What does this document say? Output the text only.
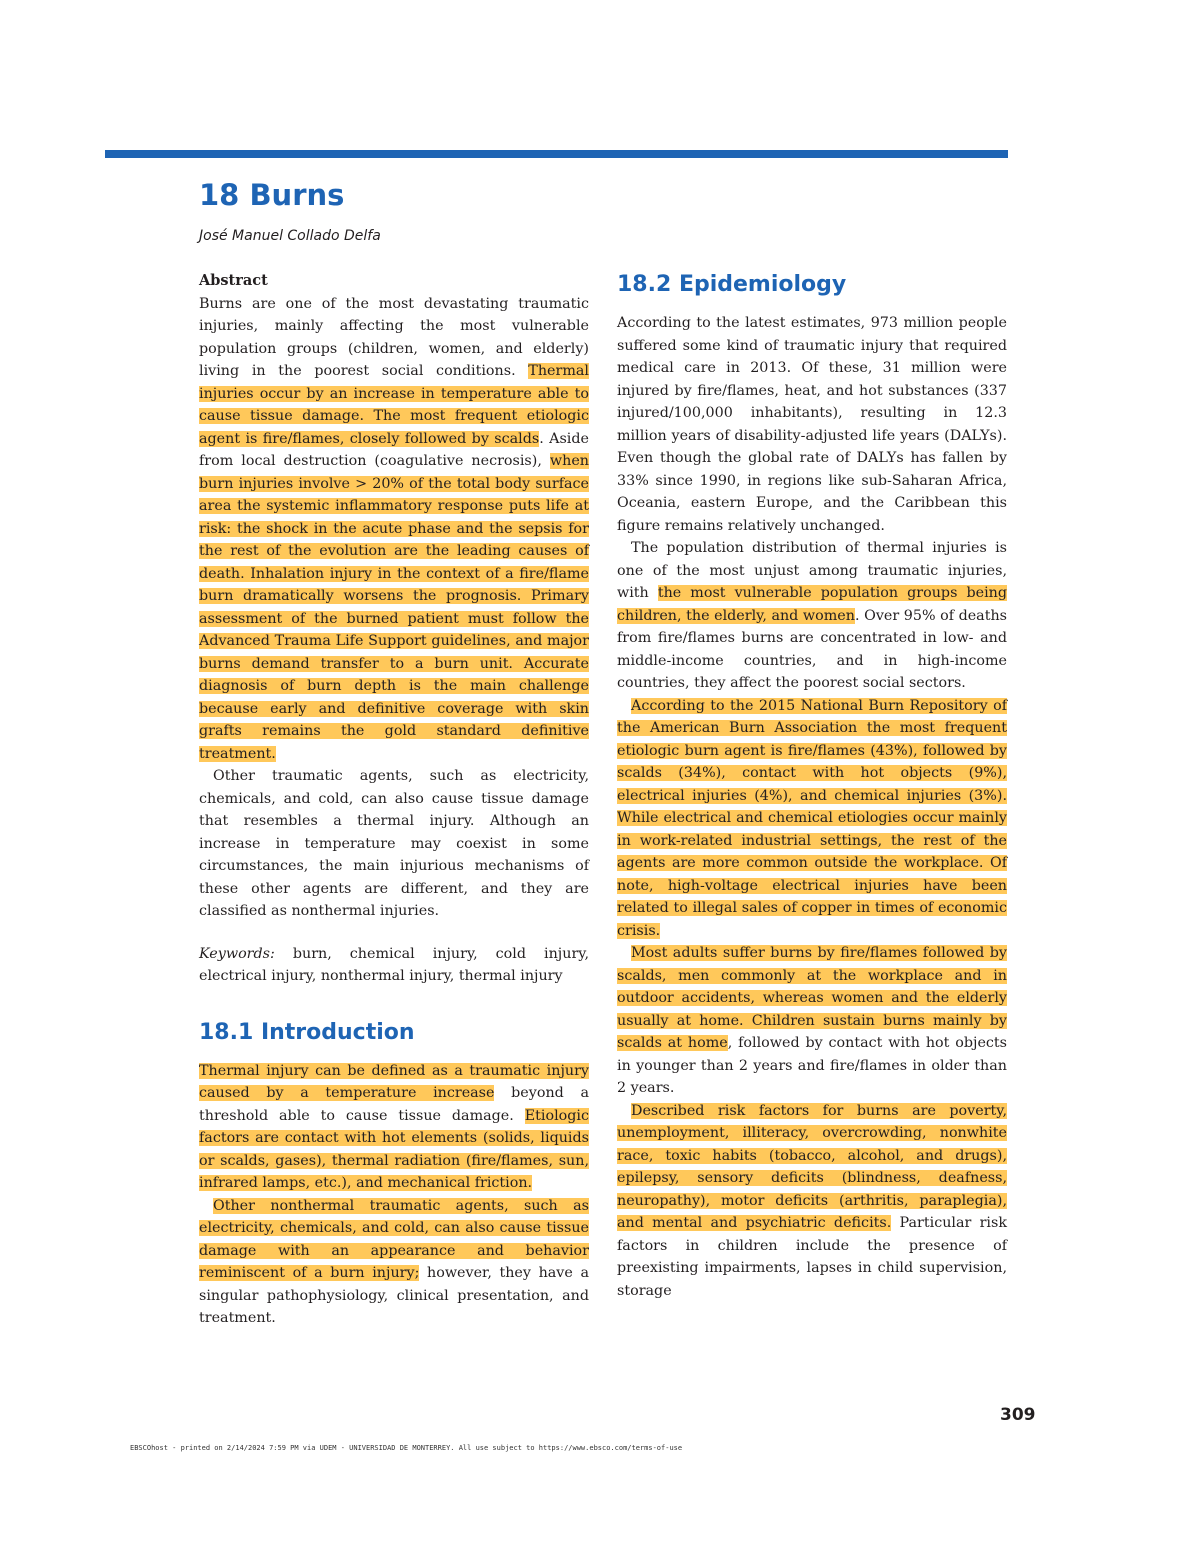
18 Burns
José Manuel Collado Delfa
Abstract

Burns are one of the most devastating traumatic injuries, mainly affecting the most vulnerable population groups (children, women, and elderly) living in the poorest social conditions. Thermal injuries occur by an increase in temperature able to cause tissue damage. The most frequent etiologic agent is fire/flames, closely followed by scalds. Aside from local destruction (coagulative necrosis), when burn injuries involve > 20% of the total body surface area the systemic inflammatory response puts life at risk: the shock in the acute phase and the sepsis for the rest of the evolution are the leading causes of death. Inhalation injury in the context of a fire/flame burn dramatically worsens the prognosis. Primary assessment of the burned patient must follow the Advanced Trauma Life Support guidelines, and major burns demand transfer to a burn unit. Accurate diagnosis of burn depth is the main challenge because early and definitive coverage with skin grafts remains the gold standard definitive treatment.

Other traumatic agents, such as electricity, chemicals, and cold, can also cause tissue damage that resembles a thermal injury. Although an increase in temperature may coexist in some circumstances, the main injurious mechanisms of these other agents are different, and they are classified as nonthermal injuries.

Keywords: burn, chemical injury, cold injury, electrical injury, nonthermal injury, thermal injury

18.1 Introduction

Thermal injury can be defined as a traumatic injury caused by a temperature increase beyond a threshold able to cause tissue damage. Etiologic factors are contact with hot elements (solids, liquids or scalds, gases), thermal radiation (fire/flames, sun, infrared lamps, etc.), and mechanical friction.

Other nonthermal traumatic agents, such as electricity, chemicals, and cold, can also cause tissue damage with an appearance and behavior reminiscent of a burn injury; however, they have a singular pathophysiology, clinical presentation, and treatment.

18.2 Epidemiology

According to the latest estimates, 973 million people suffered some kind of traumatic injury that required medical care in 2013. Of these, 31 million were injured by fire/flames, heat, and hot substances (337 injured/100,000 inhabitants), resulting in 12.3 million years of disability-adjusted life years (DALYs). Even though the global rate of DALYs has fallen by 33% since 1990, in regions like sub-Saharan Africa, Oceania, eastern Europe, and the Caribbean this figure remains relatively unchanged.

The population distribution of thermal injuries is one of the most unjust among traumatic injuries, with the most vulnerable population groups being children, the elderly, and women. Over 95% of deaths from fire/flames burns are concentrated in low- and middle-income countries, and in high-income countries, they affect the poorest social sectors.

According to the 2015 National Burn Repository of the American Burn Association the most frequent etiologic burn agent is fire/flames (43%), followed by scalds (34%), contact with hot objects (9%), electrical injuries (4%), and chemical injuries (3%). While electrical and chemical etiologies occur mainly in work-related industrial settings, the rest of the agents are more common outside the workplace. Of note, high-voltage electrical injuries have been related to illegal sales of copper in times of economic crisis.

Most adults suffer burns by fire/flames followed by scalds, men commonly at the workplace and in outdoor accidents, whereas women and the elderly usually at home. Children sustain burns mainly by scalds at home, followed by contact with hot objects in younger than 2 years and fire/flames in older than 2 years.

Described risk factors for burns are poverty, unemployment, illiteracy, overcrowding, nonwhite race, toxic habits (tobacco, alcohol, and drugs), epilepsy, sensory deficits (blindness, deafness, neuropathy), motor deficits (arthritis, paraplegia), and mental and psychiatric deficits. Particular risk factors in children include the presence of preexisting impairments, lapses in child supervision, storage

309
EBSCOhost - printed on 2/14/2024 7:59 PM via UDEM - UNIVERSIDAD DE MONTERREY. All use subject to https://www.ebsco.com/terms-of-use
